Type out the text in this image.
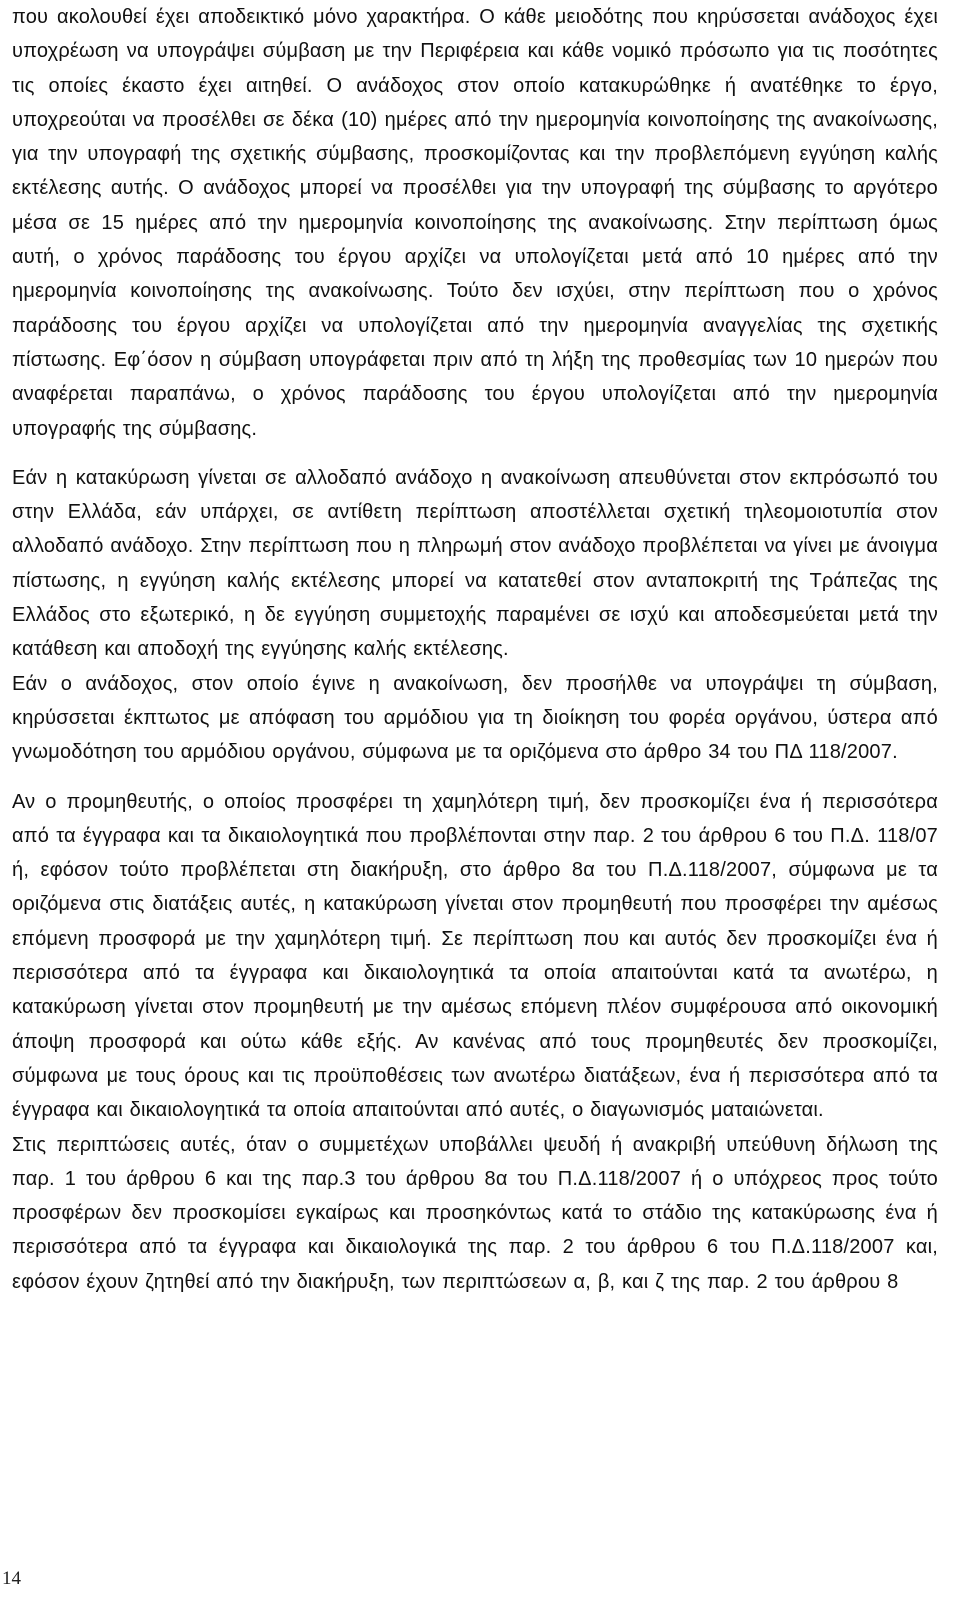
που ακολουθεί έχει αποδεικτικό μόνο χαρακτήρα. Ο κάθε μειοδότης που κηρύσσεται ανάδοχος έχει υποχρέωση να υπογράψει σύμβαση με την Περιφέρεια και κάθε νομικό πρόσωπο για τις ποσότητες τις οποίες έκαστο έχει αιτηθεί. Ο ανάδοχος στον οποίο κατακυρώθηκε ή ανατέθηκε το έργο, υποχρεούται να προσέλθει σε δέκα (10) ημέρες από την ημερομηνία κοινοποίησης της ανακοίνωσης, για την υπογραφή της σχετικής σύμβασης, προσκομίζοντας και την προβλεπόμενη εγγύηση καλής εκτέλεσης αυτής. Ο ανάδοχος μπορεί να προσέλθει για την υπογραφή της σύμβασης το αργότερο μέσα σε 15 ημέρες από την ημερομηνία κοινοποίησης της ανακοίνωσης. Στην περίπτωση όμως αυτή, ο χρόνος παράδοσης του έργου αρχίζει να υπολογίζεται μετά από 10 ημέρες από την ημερομηνία κοινοποίησης της ανακοίνωσης. Τούτο δεν ισχύει, στην περίπτωση που ο χρόνος παράδοσης του έργου αρχίζει να υπολογίζεται από την ημερομηνία αναγγελίας της σχετικής πίστωσης. Εφ΄όσον η σύμβαση υπογράφεται πριν από τη λήξη της προθεσμίας των 10 ημερών που αναφέρεται παραπάνω, ο χρόνος παράδοσης του έργου υπολογίζεται από την ημερομηνία υπογραφής της σύμβασης.

Εάν η κατακύρωση γίνεται σε αλλοδαπό ανάδοχο η ανακοίνωση απευθύνεται στον εκπρόσωπό του στην Ελλάδα, εάν υπάρχει, σε αντίθετη περίπτωση αποστέλλεται σχετική τηλεομοιοτυπία στον αλλοδαπό ανάδοχο. Στην περίπτωση που η πληρωμή στον ανάδοχο προβλέπεται να γίνει με άνοιγμα πίστωσης, η εγγύηση καλής εκτέλεσης μπορεί να κατατεθεί στον ανταποκριτή της Τράπεζας της Ελλάδος στο εξωτερικό, η δε εγγύηση συμμετοχής παραμένει σε ισχύ και αποδεσμεύεται μετά την κατάθεση και αποδοχή της εγγύησης καλής εκτέλεσης.

Εάν ο ανάδοχος, στον οποίο έγινε η ανακοίνωση, δεν προσήλθε να υπογράψει τη σύμβαση, κηρύσσεται έκπτωτος με απόφαση του αρμόδιου για τη διοίκηση του φορέα οργάνου, ύστερα από γνωμοδότηση του αρμόδιου οργάνου, σύμφωνα με τα οριζόμενα στο άρθρο 34 του ΠΔ 118/2007.

Αν ο προμηθευτής, ο οποίος προσφέρει τη χαμηλότερη τιμή, δεν προσκομίζει ένα ή περισσότερα από τα έγγραφα και τα δικαιολογητικά που προβλέπονται στην παρ. 2 του άρθρου 6 του Π.Δ. 118/07 ή, εφόσον τούτο προβλέπεται στη διακήρυξη, στο άρθρο 8α του Π.Δ.118/2007, σύμφωνα με τα οριζόμενα στις διατάξεις αυτές, η κατακύρωση γίνεται στον προμηθευτή που προσφέρει την αμέσως επόμενη προσφορά με την χαμηλότερη τιμή. Σε περίπτωση που και αυτός δεν προσκομίζει ένα ή περισσότερα από τα έγγραφα και δικαιολογητικά τα οποία απαιτούνται κατά τα ανωτέρω, η κατακύρωση γίνεται στον προμηθευτή με την αμέσως επόμενη πλέον συμφέρουσα από οικονομική άποψη προσφορά και ούτω κάθε εξής. Αν κανένας από τους προμηθευτές δεν προσκομίζει, σύμφωνα με τους όρους και τις προϋποθέσεις των ανωτέρω διατάξεων, ένα ή περισσότερα από τα έγγραφα και δικαιολογητικά τα οποία απαιτούνται από αυτές, ο διαγωνισμός ματαιώνεται.

Στις περιπτώσεις αυτές, όταν ο συμμετέχων υποβάλλει ψευδή ή ανακριβή υπεύθυνη δήλωση της παρ. 1 του άρθρου 6 και της παρ.3 του άρθρου 8α του Π.Δ.118/2007 ή ο υπόχρεος προς τούτο προσφέρων δεν προσκομίσει εγκαίρως και προσηκόντως κατά το στάδιο της κατακύρωσης ένα ή περισσότερα από τα έγγραφα και δικαιολογικά της παρ. 2 του άρθρου 6 του Π.Δ.118/2007 και, εφόσον έχουν ζητηθεί από την διακήρυξη, των περιπτώσεων α, β, και ζ της παρ. 2 του άρθρου 8

14
